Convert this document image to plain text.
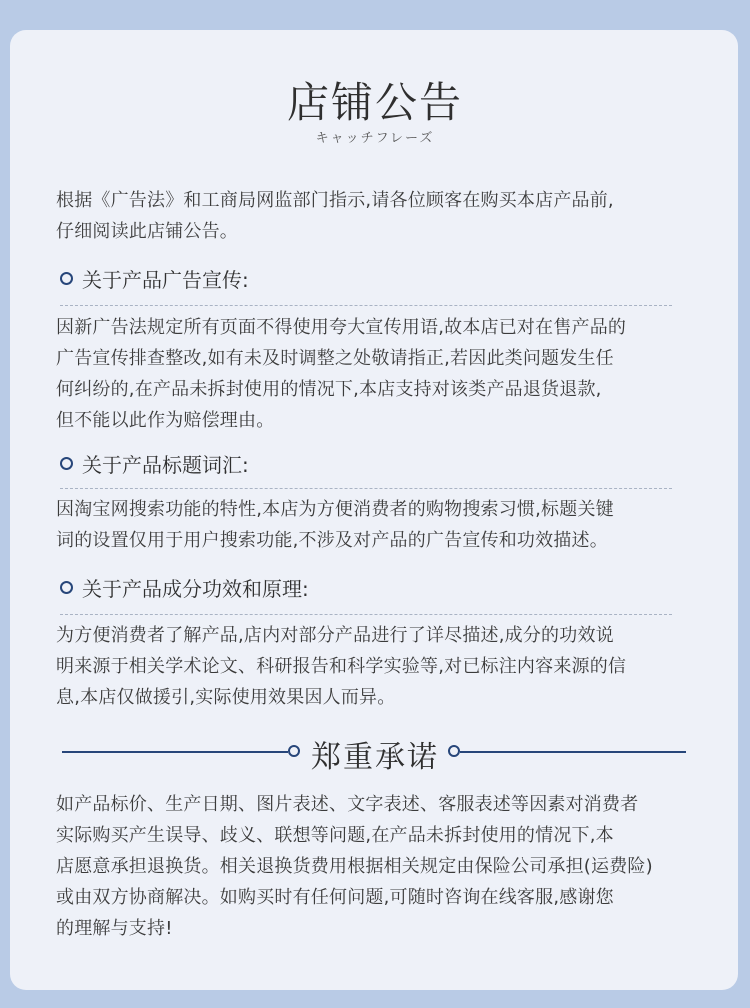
店铺公告
キャッチフレーズ

根据《广告法》和工商局网监部门指示,请各位顾客在购买本店产品前,
仔细阅读此店铺公告。

关于产品广告宣传:

因新广告法规定所有页面不得使用夸大宣传用语,故本店已对在售产品的
广告宣传排查整改,如有未及时调整之处敬请指正,若因此类问题发生任
何纠纷的,在产品未拆封使用的情况下,本店支持对该类产品退货退款,
但不能以此作为赔偿理由。

关于产品标题词汇:

因淘宝网搜索功能的特性,本店为方便消费者的购物搜索习惯,标题关键
词的设置仅用于用户搜索功能,不涉及对产品的广告宣传和功效描述。

关于产品成分功效和原理:

为方便消费者了解产品,店内对部分产品进行了详尽描述,成分的功效说
明来源于相关学术论文、科研报告和科学实验等,对已标注内容来源的信
息,本店仅做援引,实际使用效果因人而异。

郑重承诺

如产品标价、生产日期、图片表述、文字表述、客服表述等因素对消费者
实际购买产生误导、歧义、联想等问题,在产品未拆封使用的情况下,本
店愿意承担退换货。相关退换货费用根据相关规定由保险公司承担(运费险)
或由双方协商解决。如购买时有任何问题,可随时咨询在线客服,感谢您
的理解与支持!
